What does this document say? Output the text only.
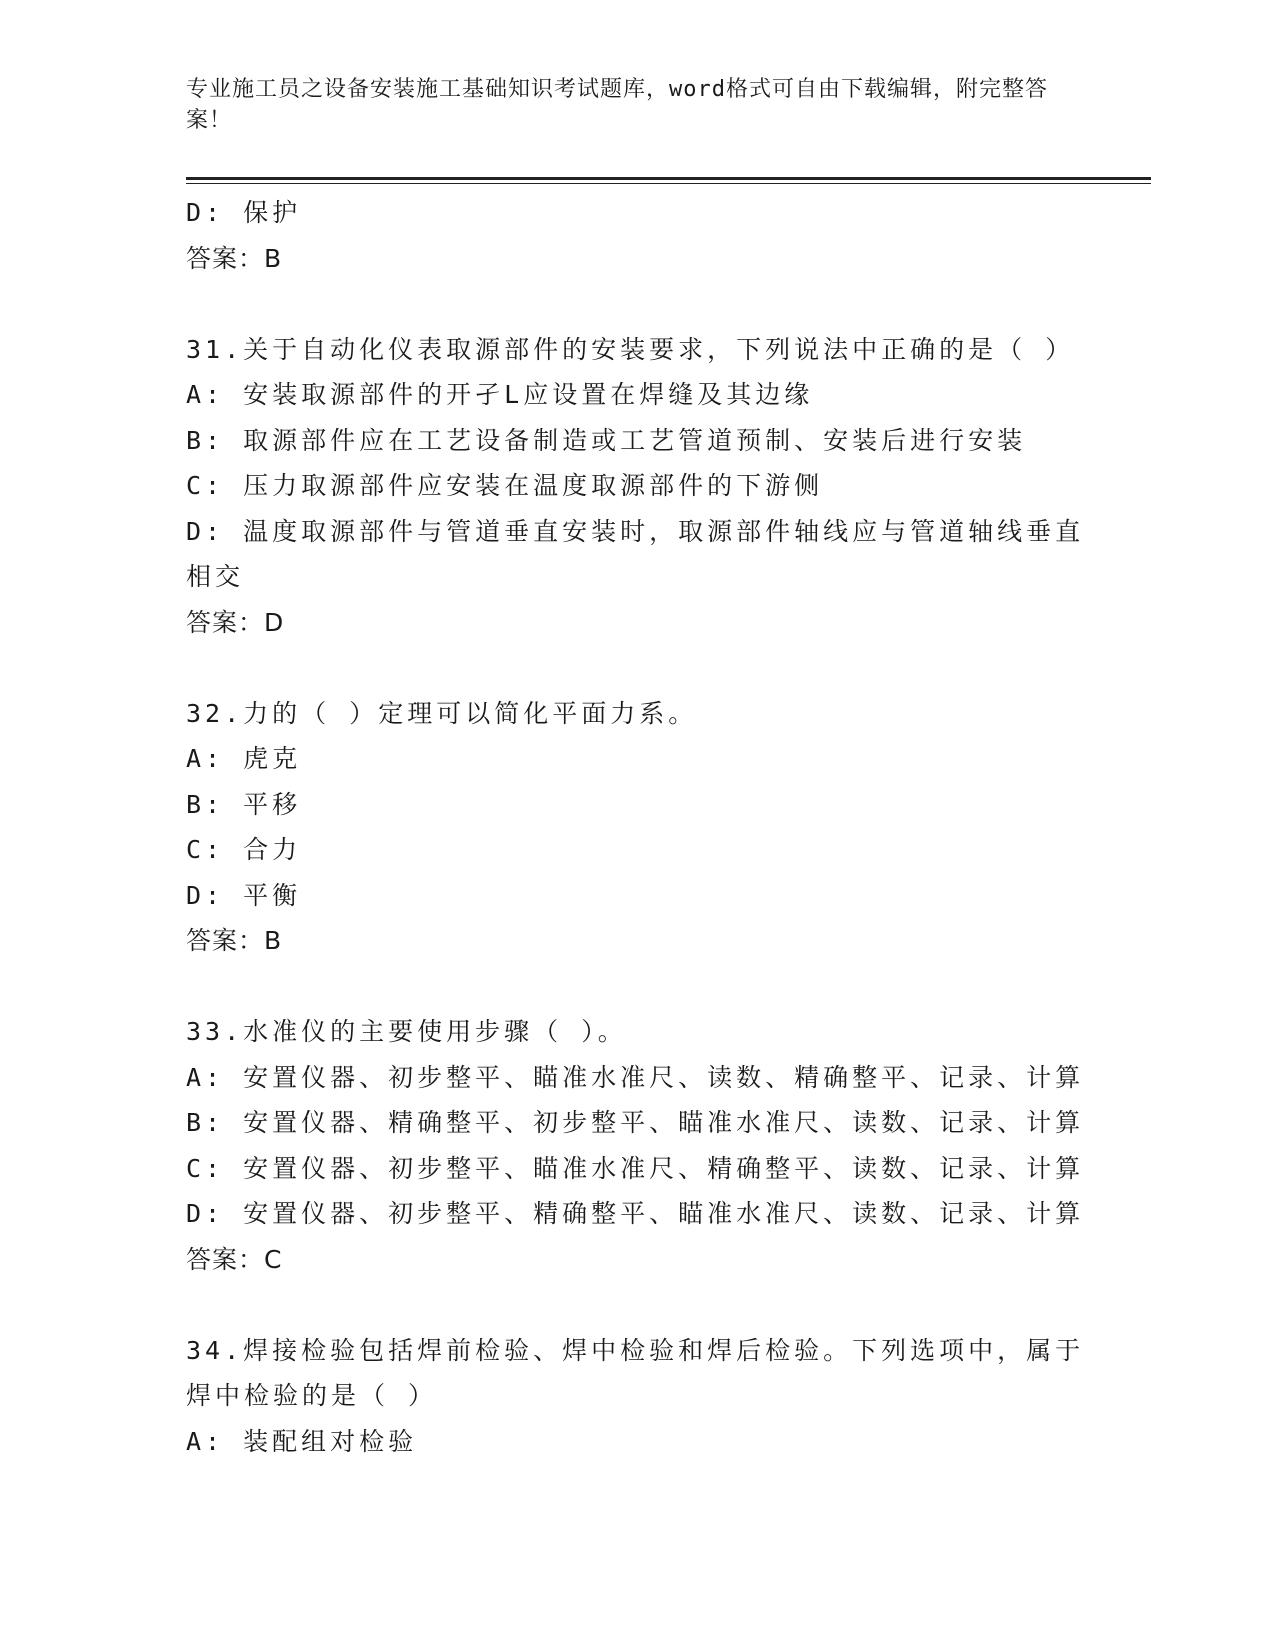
专业施工员之设备安装施工基础知识考试题库，word格式可自由下载编辑，附完整答案！
D: 保护
答案：B
31.关于自动化仪表取源部件的安装要求，下列说法中正确的是（ ）
A: 安装取源部件的开孑L应设置在焊缝及其边缘
B: 取源部件应在工艺设备制造或工艺管道预制、安装后进行安装
C: 压力取源部件应安装在温度取源部件的下游侧
D: 温度取源部件与管道垂直安装时，取源部件轴线应与管道轴线垂直相交
答案：D
32.力的（ ）定理可以简化平面力系。
A: 虎克
B: 平移
C: 合力
D: 平衡
答案：B
33.水准仪的主要使用步骤（ ）。
A: 安置仪器、初步整平、瞄准水准尺、读数、精确整平、记录、计算
B: 安置仪器、精确整平、初步整平、瞄准水准尺、读数、记录、计算
C: 安置仪器、初步整平、瞄准水准尺、精确整平、读数、记录、计算
D: 安置仪器、初步整平、精确整平、瞄准水准尺、读数、记录、计算
答案：C
34.焊接检验包括焊前检验、焊中检验和焊后检验。下列选项中，属于焊中检验的是（ ）
A: 装配组对检验
